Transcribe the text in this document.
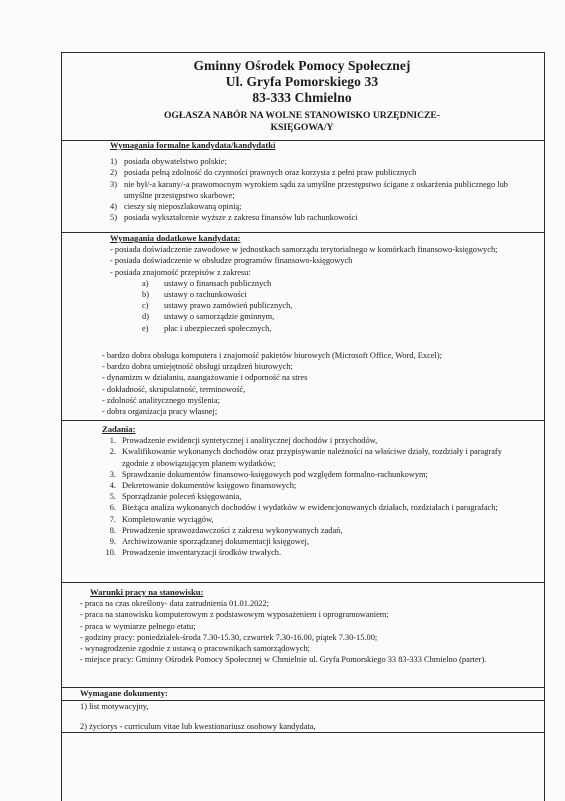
Gminny Ośrodek Pomocy Społecznej
Ul. Gryfa Pomorskiego 33
83-333 Chmielno
OGŁASZA NABÓR NA WOLNE STANOWISKO URZĘDNICZE-
KSIĘGOWA/Y
Wymagania formalne kandydata/kandydatki
1) posiada obywatelstwo polskie;
2) posiada pełną zdolność do czynności prawnych oraz korzysta z pełni praw publicznych
3) nie był/-a karany/-a prawomocnym wyrokiem sądu za umyślne przestępstwo ścigane z oskarżenia publicznego lub umyślne przestępstwo skarbowe;
4) cieszy się nieposzlakowaną opinią;
5) posiada wykształcenie wyższe z zakresu finansów lub rachunkowości
Wymagania dodatkowe kandydata:
- posiada doświadczenie zawodowe w jednostkach samorządu terytorialnego w komórkach finansowo-księgowych;
- posiada doświadczenie w obsłudze programów finansowo-księgowych
- posiada znajomość przepisów z zakresu:
a)	ustawy o finansach publicznych
b)	ustawy o rachunkowości
c)	ustawy prawo zamówień publicznych,
d)	ustawy o samorządzie gminnym,
e)	płac i ubezpieczeń społecznych,
- bardzo dobra obsługa komputera i znajomość pakietów biurowych (Microsoft Office, Word, Excel);
- bardzo dobra umiejętność obsługi urządzeń biurowych;
- dynamizm w działaniu, zaangażowanie i odporność na stres
- dokładność, skrupulatność, terminowość,
- zdolność analitycznego myślenia;
- dobra organizacja pracy własnej;
Zadania:
1. Prowadzenie ewidencji syntetycznej i analitycznej dochodów i przychodów,
2. Kwalifikowanie wykonanych dochodów oraz przypisywanie należności na właściwe działy, rozdziały i paragrafy zgodnie z obowiązującym planem wydatków;
3. Sprawdzanie dokumentów finansowo-księgowych pod względem formalno-rachunkowym;
4. Dekretowanie dokumentów księgowo finansowych;
5. Sporządzanie poleceń księgowania,
6. Bieżąca analiza wykonanych dochodów i wydatków w ewidencjonowanych działach, rozdziałach i paragrafach;
7. Kompletowanie wyciągów,
8. Prowadzenie sprawozdawczości z zakresu wykonywanych zadań,
9. Archiwizowanie sporządzanej dokumentacji księgowej,
10. Prowadzenie inwentaryzacji środków trwałych.
Warunki pracy na stanowisku:
- praca na czas określony- data zatrudnienia 01.01.2022;
- praca na stanowisku komputerowym z podstawowym wyposażeniem i oprogramowaniem;
- praca w wymiarze pełnego etatu;
- godziny pracy: poniedziałek-środa 7.30-15.30, czwartek 7.30-16.00, piątek 7.30-15.00;
- wynagrodzenie zgodnie z ustawą o pracownikach samorządowych;
- miejsce pracy: Gminny Ośrodek Pomocy Społecznej w Chmielnie ul. Gryfa Pomorskiego 33 83-333 Chmielno (parter).
Wymagane dokumenty:
1) list motywacyjny,
2) życiorys - curriculum vitae lub kwestionariusz osobowy kandydata,
